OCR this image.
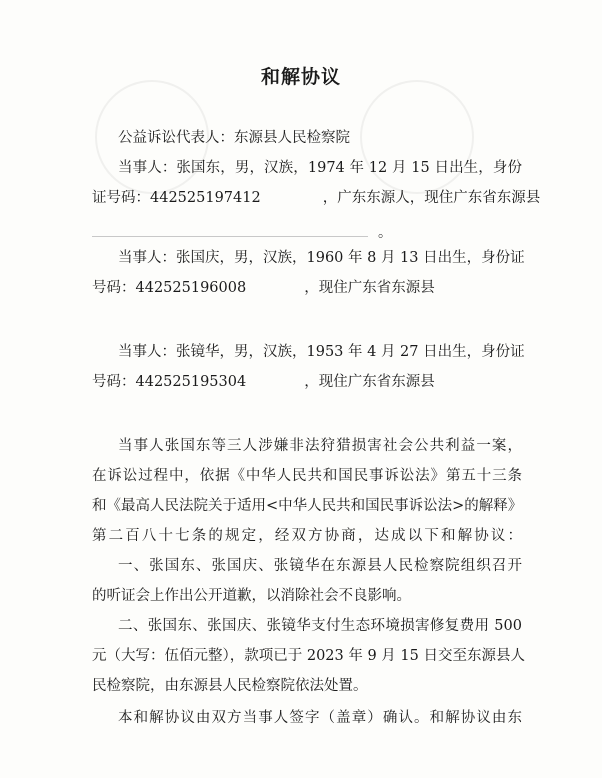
和解协议
公益诉讼代表人：东源县人民检察院
当事人：张国东，男，汉族，1974 年 12 月 15 日出生，身份
证号码：442525197412	，广东东源人，现住广东省东源县
。
当事人：张国庆，男，汉族，1960 年 8 月 13 日出生，身份证
号码：442525196008	，现住广东省东源县
当事人：张镜华，男，汉族，1953 年 4 月 27 日出生，身份证
号码：442525195304	，现住广东省东源县
当事人张国东等三人涉嫌非法狩猎损害社会公共利益一案，
在诉讼过程中，依据《中华人民共和国民事诉讼法》第五十三条
和《最高人民法院关于适用<中华人民共和国民事诉讼法>的解释》
第二百八十七条的规定，经双方协商，达成以下和解协议：
一、张国东、张国庆、张镜华在东源县人民检察院组织召开
的听证会上作出公开道歉，以消除社会不良影响。
二、张国东、张国庆、张镜华支付生态环境损害修复费用 500
元（大写：伍佰元整），款项已于 2023 年 9 月 15 日交至东源县人
民检察院，由东源县人民检察院依法处置。
本和解协议由双方当事人签字（盖章）确认。和解协议由东
